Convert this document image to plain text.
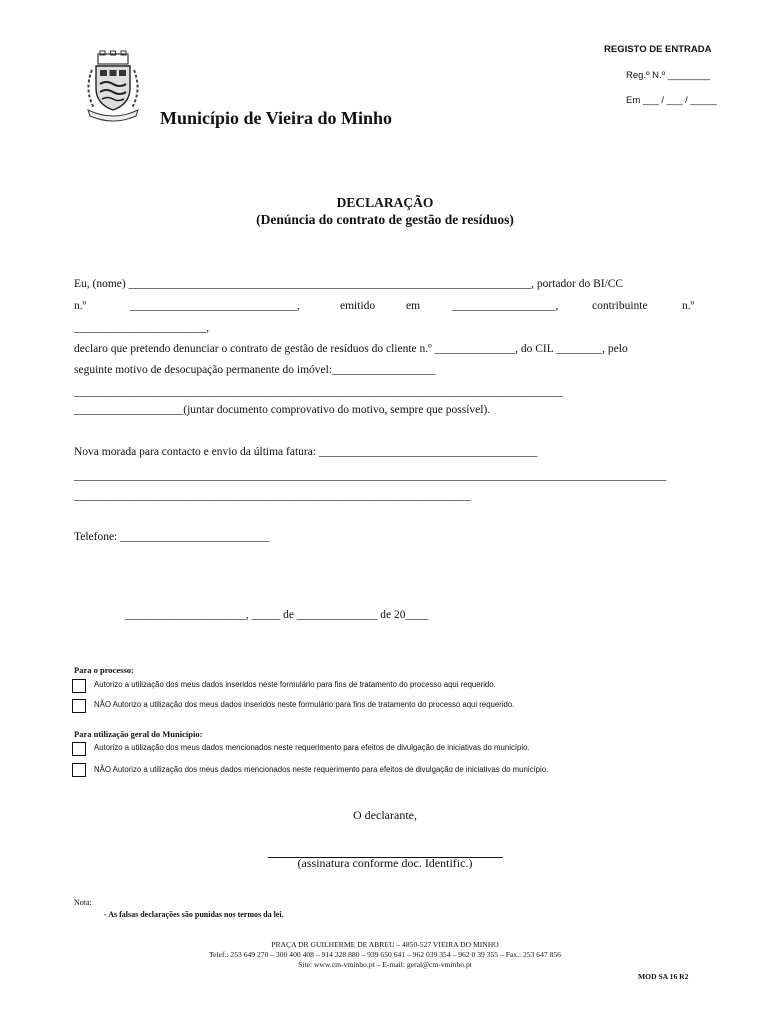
Município de Vieira do Minho
REGISTO DE ENTRADA
Reg.º N.º ________
Em ___ / ___ / _____
DECLARAÇÃO
(Denúncia do contrato de gestão de resíduos)
Eu, (nome) ______________________________________________________________________, portador do BI/CC
n.º	_____________________________,	emitido	em	__________________,	contribuinte	n.º
_______________________,
declaro que pretendo denunciar o contrato de gestão de resíduos do cliente n.º ______________, do CIL ________, pelo
seguinte motivo de desocupação permanente do imóvel:__________________
_____________________________________________________________________________________
___________________(juntar documento comprovativo do motivo, sempre que possível).
Nova morada para contacto e envio da última fatura: ______________________________________
_______________________________________________________________________________________________________
_____________________________________________________________________
Telefone: __________________________
_____________________, _____ de ______________ de 20____
Para o processo:
Autorizo a utilização dos meus dados inseridos neste formulário para fins de tratamento do processo aqui requerido.
NÃO Autorizo a utilização dos meus dados inseridos neste formulário para fins de tratamento do processo aqui requerido.
Para utilização geral do Município:
Autorizo a utilização dos meus dados mencionados neste requerimento para efeitos de divulgação de iniciativas do município.
NÃO Autorizo a utilização dos meus dados mencionados neste requerimento para efeitos de divulgação de iniciativas do município.
O declarante,
(assinatura conforme doc. Identific.)
Nota:
- As falsas declarações são punidas nos termos da lei.
PRAÇA DR GUILHERME DE ABREU – 4850-527 VIEIRA DO MINHO
Telef.: 253 649 270 – 300 400 408 – 914 328 880 – 939 650 641 – 962 039 354 – 962 0 39 355 – Fax.: 253 647 856
Site: www.cm-vminho.pt – E-mail: geral@cm-vminho.pt
MOD SA 16 R2
